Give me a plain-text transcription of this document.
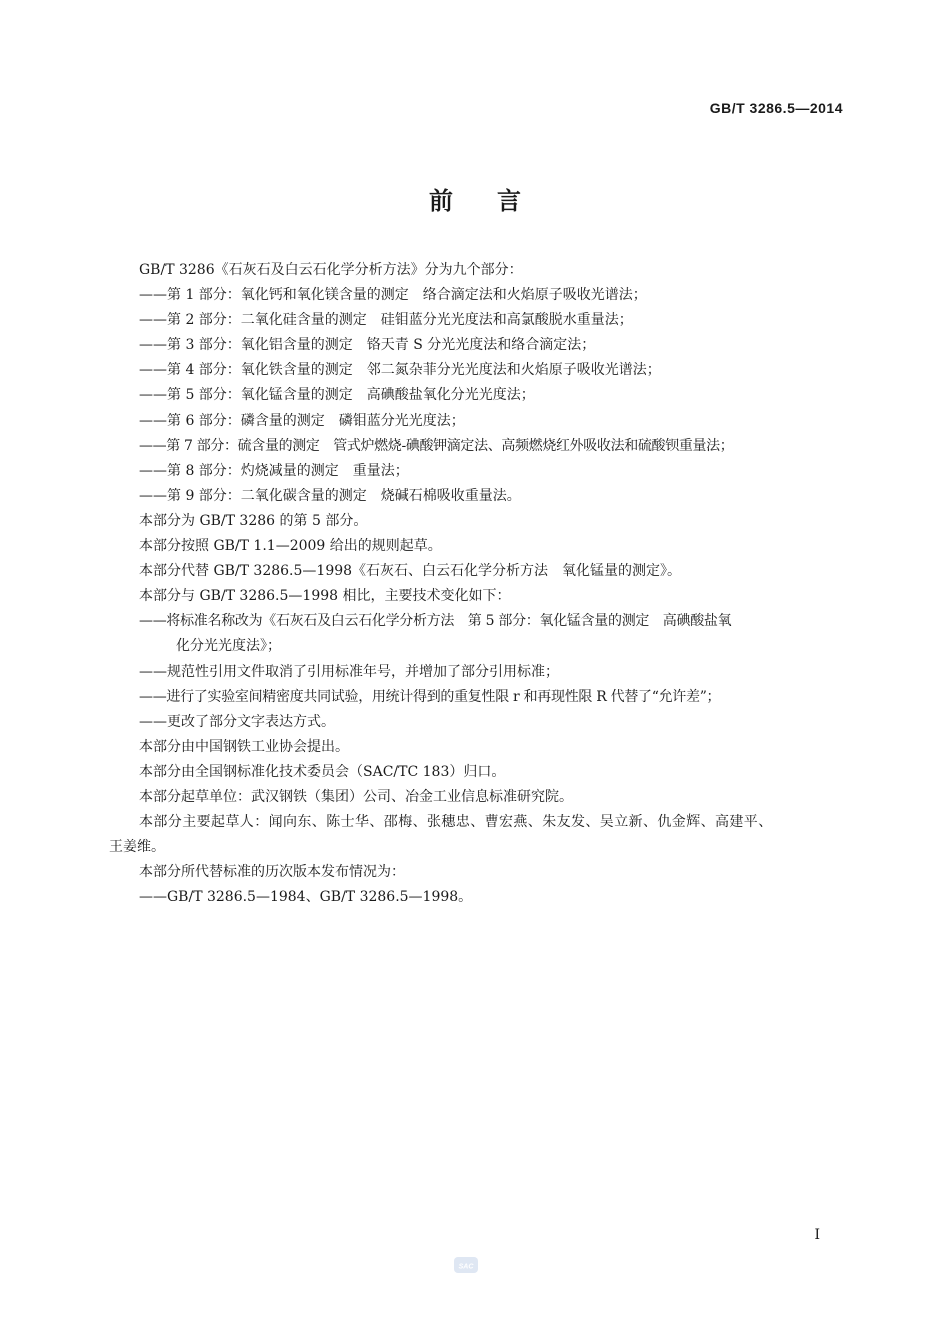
GB/T 3286.5—2014
前言
GB/T 3286《石灰石及白云石化学分析方法》分为九个部分：
——第 1 部分：氧化钙和氧化镁含量的测定　络合滴定法和火焰原子吸收光谱法；
——第 2 部分：二氧化硅含量的测定　硅钼蓝分光光度法和高氯酸脱水重量法；
——第 3 部分：氧化铝含量的测定　铬天青 S 分光光度法和络合滴定法；
——第 4 部分：氧化铁含量的测定　邻二氮杂菲分光光度法和火焰原子吸收光谱法；
——第 5 部分：氧化锰含量的测定　高碘酸盐氧化分光光度法；
——第 6 部分：磷含量的测定　磷钼蓝分光光度法；
——第 7 部分：硫含量的测定　管式炉燃烧-碘酸钾滴定法、高频燃烧红外吸收法和硫酸钡重量法；
——第 8 部分：灼烧减量的测定　重量法；
——第 9 部分：二氧化碳含量的测定　烧碱石棉吸收重量法。
本部分为 GB/T 3286 的第 5 部分。
本部分按照 GB/T 1.1—2009 给出的规则起草。
本部分代替 GB/T 3286.5—1998《石灰石、白云石化学分析方法　氧化锰量的测定》。
本部分与 GB/T 3286.5—1998 相比，主要技术变化如下：
——将标准名称改为《石灰石及白云石化学分析方法　第 5 部分：氧化锰含量的测定　高碘酸盐氧
化分光光度法》；
——规范性引用文件取消了引用标准年号，并增加了部分引用标准；
——进行了实验室间精密度共同试验，用统计得到的重复性限 r 和再现性限 R 代替了“允许差”；
——更改了部分文字表达方式。
本部分由中国钢铁工业协会提出。
本部分由全国钢标准化技术委员会（SAC/TC 183）归口。
本部分起草单位：武汉钢铁（集团）公司、冶金工业信息标准研究院。
本部分主要起草人：闻向东、陈士华、邵梅、张穗忠、曹宏燕、朱友发、吴立新、仇金辉、高建平、
王姜维。
本部分所代替标准的历次版本发布情况为：
——GB/T 3286.5—1984、GB/T 3286.5—1998。
I
SAC
